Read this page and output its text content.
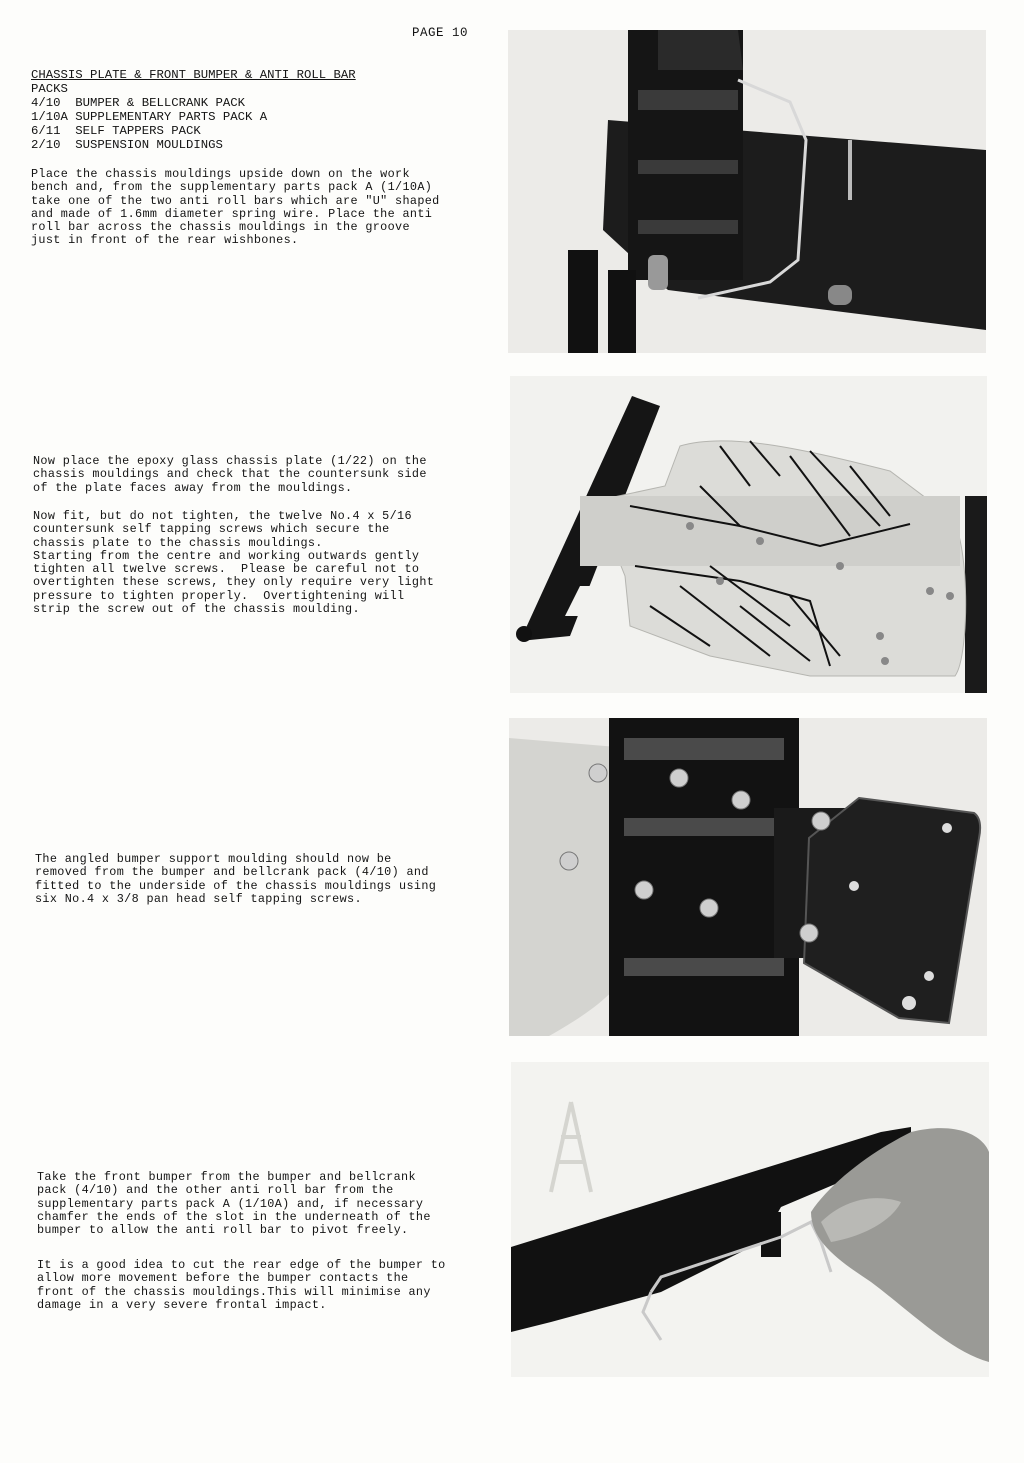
PAGE 10
CHASSIS PLATE & FRONT BUMPER & ANTI ROLL BAR
PACKS
4/10  BUMPER & BELLCRANK PACK
1/10A SUPPLEMENTARY PARTS PACK A
6/11  SELF TAPPERS PACK
2/10  SUSPENSION MOULDINGS

Place the chassis mouldings upside down on the work
bench and, from the supplementary parts pack A (1/10A)
take one of the two anti roll bars which are "U" shaped
and made of 1.6mm diameter spring wire. Place the anti
roll bar across the chassis mouldings in the groove
just in front of the rear wishbones.

Now place the epoxy glass chassis plate (1/22) on the
chassis mouldings and check that the countersunk side
of the plate faces away from the mouldings.

Now fit, but do not tighten, the twelve No.4 x 5/16
countersunk self tapping screws which secure the
chassis plate to the chassis mouldings.
Starting from the centre and working outwards gently
tighten all twelve screws.  Please be careful not to
overtighten these screws, they only require very light
pressure to tighten properly.  Overtightening will
strip the screw out of the chassis moulding.

The angled bumper support moulding should now be
removed from the bumper and bellcrank pack (4/10) and
fitted to the underside of the chassis mouldings using
six No.4 x 3/8 pan head self tapping screws.

Take the front bumper from the bumper and bellcrank
pack (4/10) and the other anti roll bar from the
supplementary parts pack A (1/10A) and, if necessary
chamfer the ends of the slot in the underneath of the
bumper to allow the anti roll bar to pivot freely.

It is a good idea to cut the rear edge of the bumper to
allow more movement before the bumper contacts the
front of the chassis mouldings.This will minimise any
damage in a very severe frontal impact.
